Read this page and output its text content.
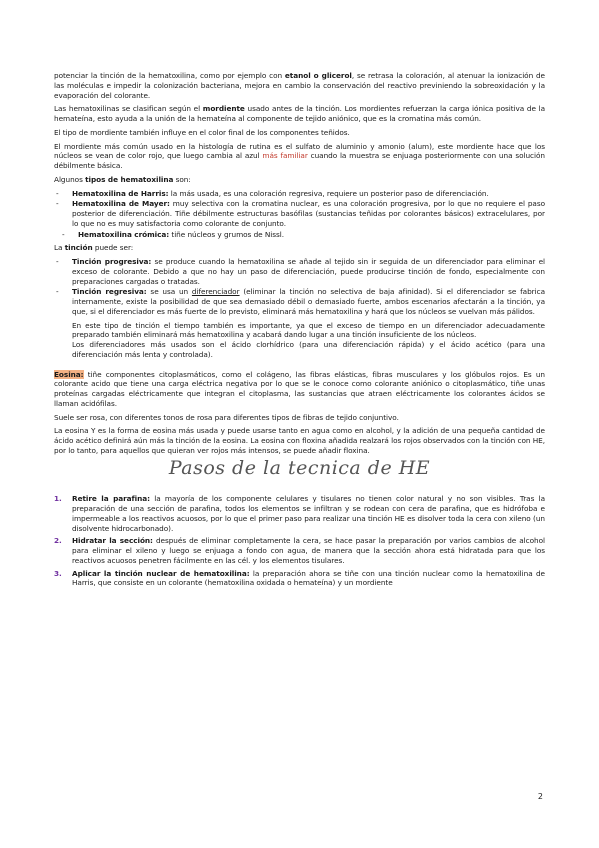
potenciar la tinción de la hematoxilina, como por ejemplo con etanol o glicerol, se retrasa la coloración, al atenuar la ionización de las moléculas e impedir la colonización bacteriana, mejora en cambio la conservación del reactivo previniendo la sobreoxidación y la evaporación del colorante.

Las hematoxilinas se clasifican según el mordiente usado antes de la tinción. Los mordientes refuerzan la carga iónica positiva de la hemateína, esto ayuda a la unión de la hemateína al componente de tejido aniónico, que es la cromatina más común.

El tipo de mordiente también influye en el color final de los componentes teñidos.

El mordiente más común usado en la histología de rutina es el sulfato de aluminio y amonio (alum), este mordiente hace que los núcleos se vean de color rojo, que luego cambia al azul más familiar cuando la muestra se enjuaga posteriormente con una solución débilmente básica.

Algunos tipos de hematoxilina son:

- Hematoxilina de Harris: la más usada, es una coloración regresiva, requiere un posterior paso de diferenciación.
- Hematoxilina de Mayer: muy selectiva con la cromatina nuclear, es una coloración progresiva, por lo que no requiere el paso posterior de diferenciación. Tiñe débilmente estructuras basófilas (sustancias teñidas por colorantes básicos) extracelulares, por lo que no es muy satisfactoria como colorante de conjunto.
- Hematoxilina crómica: tiñe núcleos y grumos de Nissl.

La tinción puede ser:

- Tinción progresiva: se produce cuando la hematoxilina se añade al tejido sin ir seguida de un diferenciador para eliminar el exceso de colorante. Debido a que no hay un paso de diferenciación, puede producirse tinción de fondo, especialmente con preparaciones cargadas o tratadas.
- Tinción regresiva: se usa un diferenciador (eliminar la tinción no selectiva de baja afinidad). Si el diferenciador se fabrica internamente, existe la posibilidad de que sea demasiado débil o demasiado fuerte, ambos escenarios afectarán a la tinción, ya que, si el diferenciador es más fuerte de lo previsto, eliminará más hematoxilina y hará que los núcleos se vuelvan más pálidos.

En este tipo de tinción el tiempo también es importante, ya que el exceso de tiempo en un diferenciador adecuadamente preparado también eliminará más hematoxilina y acabará dando lugar a una tinción insuficiente de los núcleos.

Los diferenciadores más usados son el ácido clorhídrico (para una diferenciación rápida) y el ácido acético (para una diferenciación más lenta y controlada).

Eosina: tiñe componentes citoplasmáticos, como el colágeno, las fibras elásticas, fibras musculares y los glóbulos rojos. Es un colorante acido que tiene una carga eléctrica negativa por lo que se le conoce como colorante aniónico o citoplasmático, tiñe unas proteínas cargadas eléctricamente que integran el citoplasma, las sustancias que atraen eléctricamente los colorantes ácidos se llaman acidófilas.

Suele ser rosa, con diferentes tonos de rosa para diferentes tipos de fibras de tejido conjuntivo.

La eosina Y es la forma de eosina más usada y puede usarse tanto en agua como en alcohol, y la adición de una pequeña cantidad de ácido acético definirá aún más la tinción de la eosina. La eosina con floxina añadida realzará los rojos observados con la tinción con HE, por lo tanto, para aquellos que quieran ver rojos más intensos, se puede añadir floxina.

Pasos de la tecnica de HE
1. Retire la parafina: la mayoría de los componente celulares y tisulares no tienen color natural y no son visibles. Tras la preparación de una sección de parafina, todos los elementos se infiltran y se rodean con cera de parafina, que es hidrófoba e impermeable a los reactivos acuosos, por lo que el primer paso para realizar una tinción HE es disolver toda la cera con xileno (un disolvente hidrocarbonado).
2. Hidratar la sección: después de eliminar completamente la cera, se hace pasar la preparación por varios cambios de alcohol para eliminar el xileno y luego se enjuaga a fondo con agua, de manera que la sección ahora está hidratada para que los reactivos acuosos penetren fácilmente en las cél. y los elementos tisulares.
3. Aplicar la tinción nuclear de hematoxilina: la preparación ahora se tiñe con una tinción nuclear como la hematoxilina de Harris, que consiste en un colorante (hematoxilina oxidada o hemateína) y un mordiente
2
